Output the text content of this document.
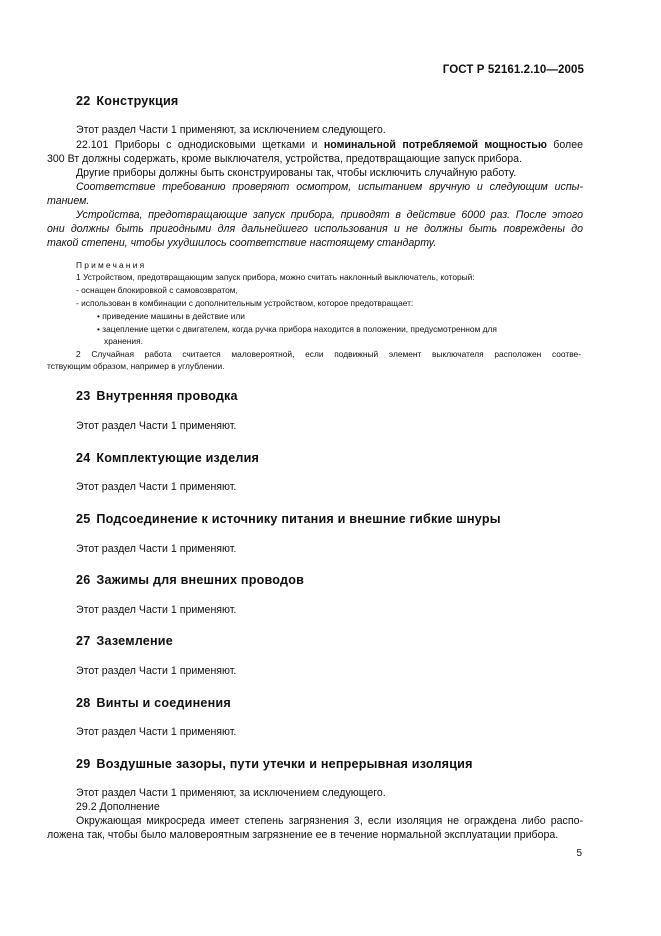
ГОСТ Р 52161.2.10—2005
22 Конструкция
Этот раздел Части 1 применяют, за исключением следующего.
22.101 Приборы с однодисковыми щетками и номинальной потребляемой мощностью более
300 Вт должны содержать, кроме выключателя, устройства, предотвращающие запуск прибора.
Другие приборы должны быть сконструированы так, чтобы исключить случайную работу.
Соответствие требованию проверяют осмотром, испытанием вручную и следующим испы-
танием.
Устройства, предотвращающие запуск прибора, приводят в действие 6000 раз. После этого
они должны быть пригодными для дальнейшего использования и не должны быть повреждены до
такой степени, чтобы ухудшилось соответствие настоящему стандарту.
Примечания
1 Устройством, предотвращающим запуск прибора, можно считать наклонный выключатель, который:
- оснащен блокировкой с самовозвратом,
- использован в комбинации с дополнительным устройством, которое предотвращает:
• приведение машины в действие или
• зацепление щетки с двигателем, когда ручка прибора находится в положении, предусмотренном для
хранения.
2 Случайная работа считается маловероятной, если подвижный элемент выключателя расположен соотве-
тствующим образом, например в углублении.
23 Внутренняя проводка
Этот раздел Части 1 применяют.
24 Комплектующие изделия
Этот раздел Части 1 применяют.
25 Подсоединение к источнику питания и внешние гибкие шнуры
Этот раздел Части 1 применяют.
26 Зажимы для внешних проводов
Этот раздел Части 1 применяют.
27 Заземление
Этот раздел Части 1 применяют.
28 Винты и соединения
Этот раздел Части 1 применяют.
29 Воздушные зазоры, пути утечки и непрерывная изоляция
Этот раздел Части 1 применяют, за исключением следующего.
29.2 Дополнение
Окружающая микросреда имеет степень загрязнения 3, если изоляция не ограждена либо распо-
ложена так, чтобы было маловероятным загрязнение ее в течение нормальной эксплуатации прибора.
5
